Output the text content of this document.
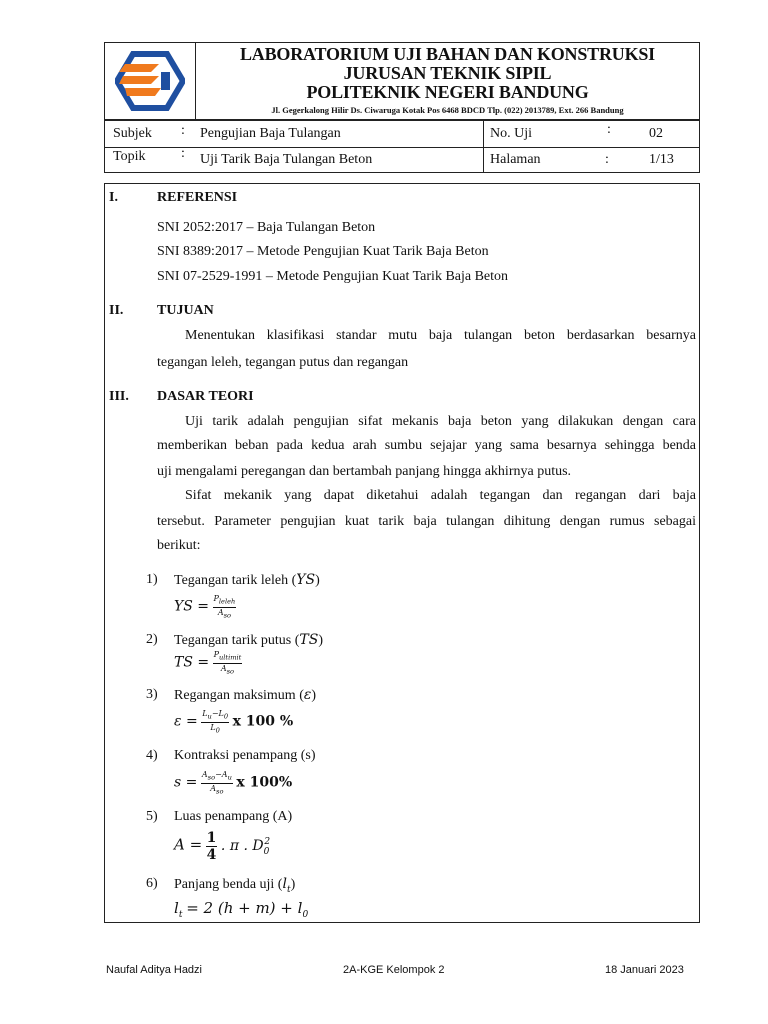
LABORATORIUM UJI BAHAN DAN KONSTRUKSI
JURUSAN TEKNIK SIPIL
POLITEKNIK NEGERI BANDUNG
Jl. Gegerkalong Hilir Ds. Ciwaruga Kotak Pos 6468 BDCD Tlp. (022) 2013789, Ext. 266 Bandung
Subjek : Pengujian Baja Tulangan
Topik	: Uji Tarik Baja Tulangan Beton
No. Uji	:	02
Halaman	:	1/13
I.	REFERENSI
SNI 2052:2017 – Baja Tulangan Beton
SNI 8389:2017 – Metode Pengujian Kuat Tarik Baja Beton
SNI 07-2529-1991 – Metode Pengujian Kuat Tarik Baja Beton
II. TUJUAN
Menentukan klasifikasi standar mutu baja tulangan beton berdasarkan besarnya
tegangan leleh, tegangan putus dan regangan
III. DASAR TEORI
Uji tarik adalah pengujian sifat mekanis baja beton yang dilakukan dengan cara
memberikan beban pada kedua arah sumbu sejajar yang sama besarnya sehingga benda
uji mengalami peregangan dan bertambah panjang hingga akhirnya putus.
Sifat mekanik yang dapat diketahui adalah tegangan dan regangan dari baja
tersebut. Parameter pengujian kuat tarik baja tulangan dihitung dengan rumus sebagai
berikut:
1) Tegangan tarik leleh (YS)
YS = $\frac{P_{leleh}}{A_{so}}$
2) Tegangan tarik putus (TS)
TS = $\frac{P_{ultimit}}{A_{so}}$
3) Regangan maksimum (ε)
$\varepsilon = \frac{L_u-L_0}{L_0}$ x 100 %
4) Kontraksi penampang (s)
$s = \frac{A_{so}-A_u}{A_{so}}$ x 100%
5) Luas penampang (A)
$A = \frac{1}{4}$ . π . $D_0^2$
6) Panjang benda uji $(l_t)$
$l_t = 2$ $(h + m) + l_0$
Naufal Aditya Hadzi	2A-KGE Kelompok 2	18 Januari 2023
